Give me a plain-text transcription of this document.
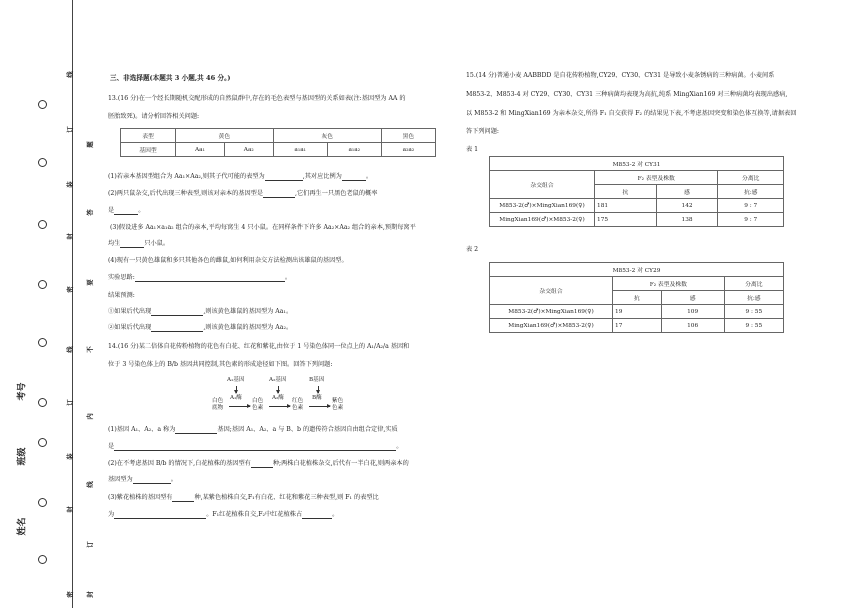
线
订
装
封
密
线
订
装
封
密
题
答
要
不
内
线
订
封
考号
班级
姓名
三、非选择题(本题共 3 小题,共 46 分。)
13.(16 分)在一个经长期随机交配形成的自然鼠群中,存在的毛色表型与基因型的关系如表(注:基因型为 AA 的
胚胎致死)。请分析回答相关问题:
表型	黄色		灰色		黑色
基因型	Aa₁	Aa₂	a₁a₁	a₁a₂	a₂a₂
(1)若亲本基因型组合为 Aa₁×Aa₂,则其子代可能的表型为	,其对应比例为	。
(2)两只鼠杂交,后代出现三种表型,则该对亲本的基因型是	,它们再生一只黑色老鼠的概率
是	。
(3)假设进多 Aa₁×a₁a₂ 组合的亲本,平均每窝生 4 只小鼠。在同样条件下许多 Aa₂×Aa₂ 组合的亲本,预期每窝平
均生	只小鼠。
(4)现有一只黄色雄鼠和多只其他各色的雌鼠,如何利用杂交方法检测出该雄鼠的基因型。
实验思路:	。
结果预测:
①如果后代出现	,则该黄色雄鼠的基因型为 Aa₁。
②如果后代出现	,则该黄色雄鼠的基因型为 Aa₂。
14.(16 分)某二倍体自花传粉植物的花色有白花、红花和紫花,由位于 1 号染色体同一位点上的 A₁/A₂/a 基因和
位于 3 号染色体上的 B/b 基因共同控制,其色素的形成途径如下图。回答下列问题:
A₁基因	A₂基因	B基因
A₁酶	A₂酶	B酶
白色
底物
白色
色素
红色
色素
紫色
色素
(1)基因 A₁、A₂、a 称为	基因;基因 A₁、A₂、a 与 B、b 的遗传符合基因自由组合定律,实质
是	。
(2)在不考虑基因 B/b 的情况下,白花植株的基因型有	种;两株白花植株杂交,后代有一半白花,则两亲本的
基因型为	。
(3)紫花植株的基因型有	种,某紫色植株自交,F₁有白花、红花和紫花三种表型,则 F₁ 的表型比
为	。F₁红花植株自交,F₂中红花植株占	。
15.(14 分)普通小麦 AABBDD 是自花传粉植物,CY29、CY30、CY31 是导致小麦条锈病的三种病菌。小麦间系
M853-2、M853-4 对 CY29、CY30、CY31 三种病菌均表现为高抗,纯系 MingXian169 对三种病菌均表现出感病,
以 M853-2 和 MingXian169 为亲本杂交,所得 F₁ 自交获得 F₂ 的结果见下表,不考虑基因突变和染色体互换等,请据表回
答下列问题:
表 1
M853-2 对 CY31			
杂交组合	F₂ 表型及株数		分离比
	抗	感	抗:感
M853-2(♂)×MingXian169(♀)	181	142	9 : 7
MingXian169(♂)×M853-2(♀)	175	138	9 : 7
表 2
M853-2 对 CY29			
杂交组合	F₂ 表型及株数		分离比
	抗	感	抗:感
M853-2(♂)×MingXian169(♀)	19	109	9 : 55
MingXian169(♂)×M853-2(♀)	17	106	9 : 55
